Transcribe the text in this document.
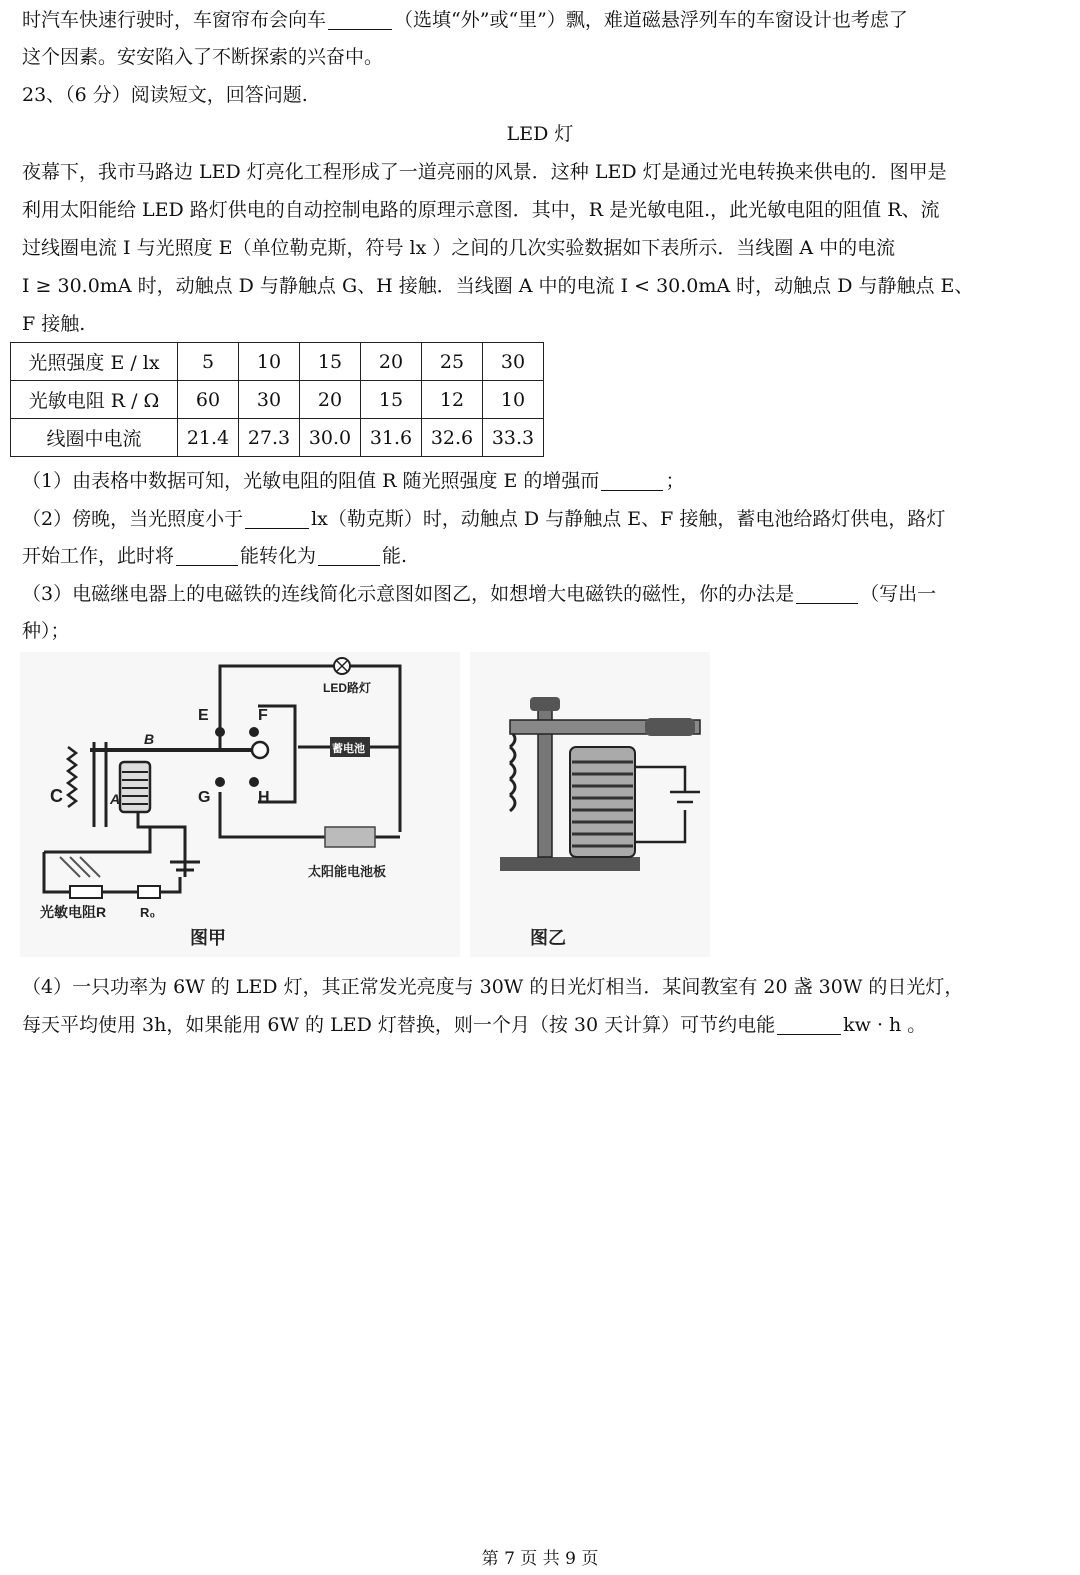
时汽车快速行驶时，车窗帘布会向车	（选填“外”或“里”）飘，难道磁悬浮列车的车窗设计也考虑了
这个因素。安安陷入了不断探索的兴奋中。
23、（6 分）阅读短文，回答问题.
LED 灯
夜幕下，我市马路边 LED 灯亮化工程形成了一道亮丽的风景．这种 LED 灯是通过光电转换来供电的．图甲是
利用太阳能给 LED 路灯供电的自动控制电路的原理示意图．其中，R 是光敏电阻.，此光敏电阻的阻值 R、流
过线圈电流 I 与光照度 E（单位勒克斯，符号 lx ）之间的几次实验数据如下表所示．当线圈 A 中的电流
I ≥ 30.0mA 时，动触点 D 与静触点 G、H 接触．当线圈 A 中的电流 I < 30.0mA 时，动触点 D 与静触点 E、
F 接触.
光照强度 E / lx	5	10	15	20	25	30
光敏电阻 R / Ω	60	30	20	15	12	10
线圈中电流	21.4	27.3	30.0	31.6	32.6	33.3
（1）由表格中数据可知，光敏电阻的阻值 R 随光照强度 E 的增强而	；
（2）傍晚，当光照度小于	lx（勒克斯）时，动触点 D 与静触点 E、F 接触，蓄电池给路灯供电，路灯
开始工作，此时将	能转化为	能.
（3）电磁继电器上的电磁铁的连线简化示意图如图乙，如想增大电磁铁的磁性，你的办法是	（写出一
种）；
LED路灯
蓄电池
太阳能电池板
光敏电阻R	R₀
E	F
G	H
A
B
C
图甲	图乙
（4）一只功率为 6W 的 LED 灯，其正常发光亮度与 30W 的日光灯相当．某间教室有 20 盏 30W 的日光灯，
每天平均使用 3h，如果能用 6W 的 LED 灯替换，则一个月（按 30 天计算）可节约电能	kw · h 。
第 7 页 共 9 页
